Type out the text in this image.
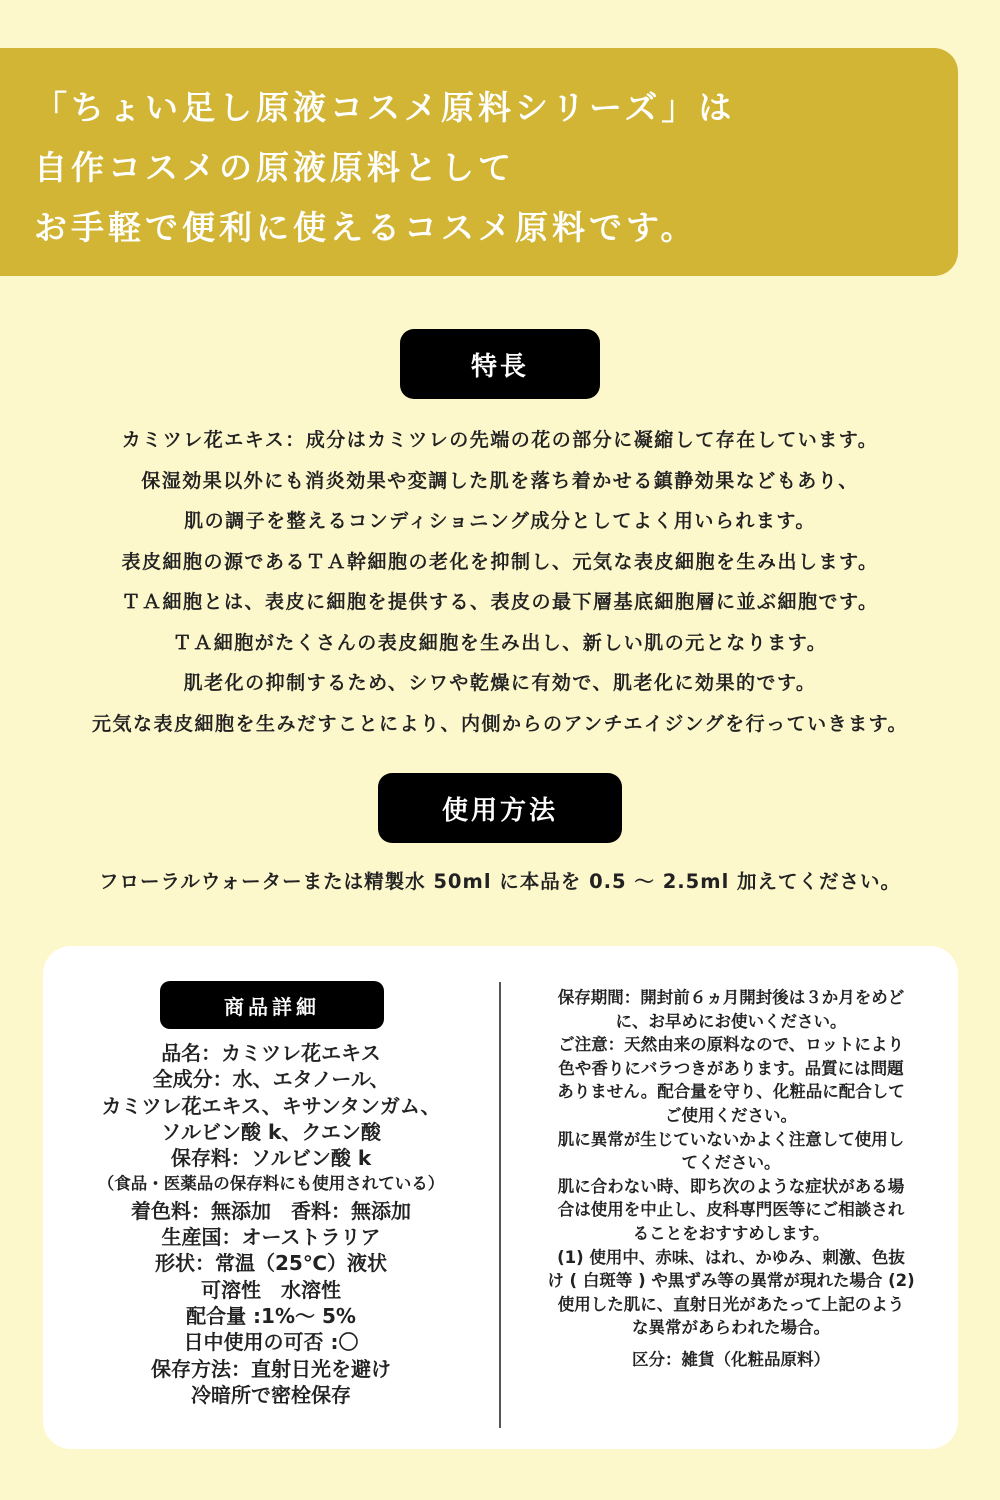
「ちょい足し原液コスメ原料シリーズ」は

自作コスメの原液原料として

お手軽で便利に使えるコスメ原料です。

特長

カミツレ花エキス：成分はカミツレの先端の花の部分に凝縮して存在しています。

保湿効果以外にも消炎効果や変調した肌を落ち着かせる鎮静効果などもあり、

肌の調子を整えるコンディショニング成分としてよく用いられます。

表皮細胞の源であるＴＡ幹細胞の老化を抑制し、元気な表皮細胞を生み出します。

ＴＡ細胞とは、表皮に細胞を提供する、表皮の最下層基底細胞層に並ぶ細胞です。

ＴＡ細胞がたくさんの表皮細胞を生み出し、新しい肌の元となります。

肌老化の抑制するため、シワや乾燥に有効で、肌老化に効果的です。

元気な表皮細胞を生みだすことにより、内側からのアンチエイジングを行っていきます。

使用方法

フローラルウォーターまたは精製水 50ml に本品を 0.5 ～ 2.5ml 加えてください。

商品詳細

品名：カミツレ花エキス

全成分：水、エタノール、

カミツレ花エキス、キサンタンガム、

ソルビン酸 k、クエン酸

保存料：ソルビン酸 k

（食品・医薬品の保存料にも使用されている）

着色料：無添加　香料：無添加

生産国：オーストラリア

形状：常温（25℃）液状

可溶性　水溶性

配合量 :1%～ 5%

日中使用の可否 :〇

保存方法：直射日光を避け

冷暗所で密栓保存

保存期間：開封前６ヵ月開封後は３か月をめど

に、お早めにお使いください。

ご注意：天然由来の原料なので、ロットにより

色や香りにバラつきがあります。品質には問題

ありません。配合量を守り、化粧品に配合して

ご使用ください。

肌に異常が生じていないかよく注意して使用し

てください。

肌に合わない時、即ち次のような症状がある場

合は使用を中止し、皮科専門医等にご相談され

ることをおすすめします。

(1) 使用中、赤味、はれ、かゆみ、刺激、色抜

け ( 白斑等 ) や黒ずみ等の異常が現れた場合 (2)

使用した肌に、直射日光があたって上記のよう

な異常があらわれた場合。

区分：雑貨（化粧品原料）
